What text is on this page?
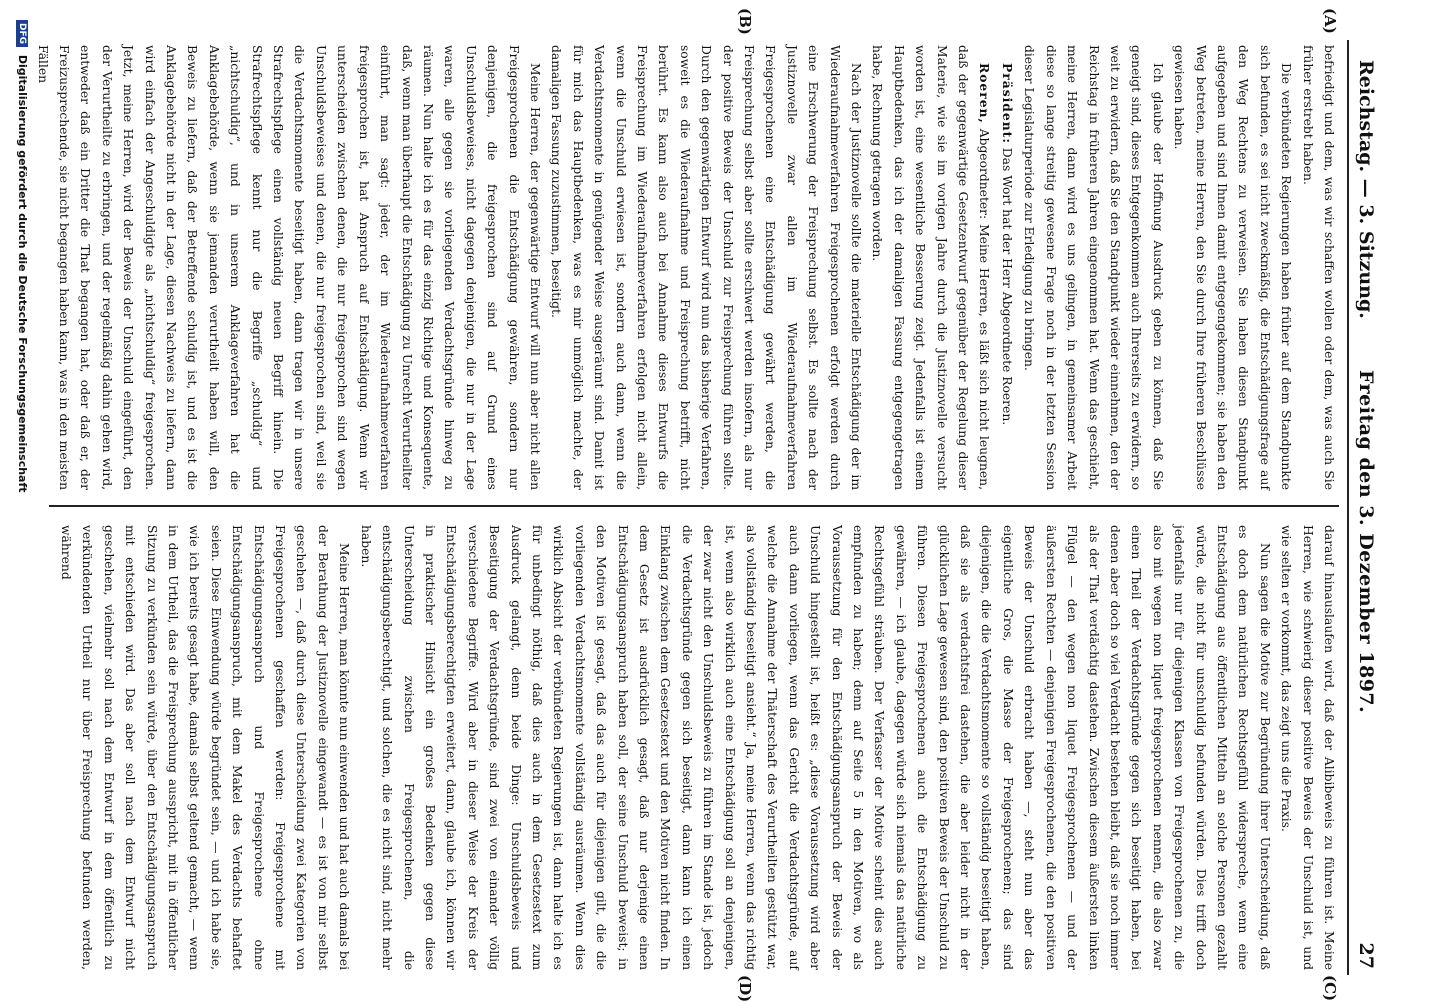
Reichstag. — 3. Sitzung.
Freitag den 3. Dezember 1897.
27
(A)
(B)
(C)
(D)

befriedigt und dem, was wir schaffen wollen oder dem, was auch Sie früher erstrebt haben.

Die verbündeten Regierungen haben früher auf dem Standpunkte sich befunden, es sei nicht zweckmäßig, die Entschädigungsfrage auf den Weg Rechtens zu verweisen. Sie haben diesen Standpunkt aufgegeben und sind Ihnen damit entgegengekommen; sie haben den Weg betreten, meine Herren, den Sie durch Ihre früheren Beschlüsse gewiesen haben.

Ich glaube der Hoffnung Ausdruck geben zu können, daß Sie geneigt sind, dieses Entgegenkommen auch Ihrerseits zu erwidern, so weit zu erwidern, daß Sie den Standpunkt wieder einnehmen, den der Reichstag in früheren Jahren eingenommen hat. Wenn das geschieht, meine Herren, dann wird es uns gelingen, in gemeinsamer Arbeit diese so lange streitig gewesene Frage noch in der letzten Session dieser Legislaturperiode zur Erledigung zu bringen.

Präsident: Das Wort hat der Herr Abgeordnete Roeren.

Roeren, Abgeordneter: Meine Herren, es läßt sich nicht leugnen, daß der gegenwärtige Gesetzentwurf gegenüber der Regelung dieser Materie, wie sie im vorigen Jahre durch die Justiznovelle versucht worden ist, eine wesentliche Besserung zeigt. Jedenfalls ist einem Hauptbedenken, das ich der damaligen Fassung entgegengetragen habe, Rechnung getragen worden.

Nach der Justiznovelle sollte die materielle Entschädigung der im Wiederaufnahmeverfahren Freigesprochenen erfolgt werden durch eine Erschwerung der Freisprechung selbst. Es sollte nach der Justiznovelle zwar allen im Wiederaufnahmeverfahren Freigesprochenen eine Entschädigung gewährt werden, die Freisprechung selbst aber sollte erschwert werden insofern, als nur der positive Beweis der Unschuld zur Freisprechung führen sollte. Durch den gegenwärtigen Entwurf wird nun das bisherige Verfahren, soweit es die Wiederaufnahme und Freisprechung betrifft, nicht berührt. Es kann also auch bei Annahme dieses Entwurfs die Freisprechung im Wiederaufnahmeverfahren erfolgen nicht allein, wenn die Unschuld erwiesen ist, sondern auch dann, wenn die Verdachtsmomente in genügender Weise ausgeräumt sind. Damit ist für mich das Hauptbedenken, was es mir unmöglich machte, der damaligen Fassung zuzustimmen, beseitigt.

Meine Herren, der gegenwärtige Entwurf will nun aber nicht allen Freigesprochenen die Entschädigung gewähren, sondern nur denjenigen, die freigesprochen sind auf Grund eines Unschuldsbeweises, nicht dagegen denjenigen, die nur in der Lage waren, alle gegen sie vorliegenden Verdachtsgründe hinweg zu räumen. Nun halte ich es für das einzig Richtige und Konsequente, daß, wenn man überhaupt die Entschädigung zu Unrecht Verurtheilter einführt, man sagt: jeder, der im Wiederaufnahmeverfahren freigesprochen ist, hat Anspruch auf Entschädigung. Wenn wir unterscheiden zwischen denen, die nur freigesprochen sind wegen Unschuldsbeweises und denen, die nur freigesprochen sind, weil sie die Verdachtsmomente beseitigt haben, dann tragen wir in unsere Strafrechtspflege einen vollständig neuen Begriff hinein. Die Strafrechtspflege kennt nur die Begriffe „schuldig“ und „nichtschuldig“, und in unserem Anklageverfahren hat die Anklagebehörde, wenn sie jemanden verurtheilt haben will, den Beweis zu liefern, daß der Betreffende schuldig ist, und es ist die Anklagebehörde nicht in der Lage, diesen Nachweis zu liefern, dann wird einfach der Angeschuldigte als „nichtschuldig“ freigesprochen. Jetzt, meine Herren, wird der Beweis der Unschuld eingeführt, den der Verurtheilte zu erbringen, und der regelmäßig dahin gehen wird, entweder daß ein Dritter die That begangen hat, oder daß er, der Freizusprechende, sie nicht begangen haben kann, was in den meisten Fällen

darauf hinauslaufen wird, daß der Alibibeweis zu führen ist. Meine Herren, wie schwierig dieser positive Beweis der Unschuld ist, und wie selten er vorkommt, das zeigt uns die Praxis.

Nun sagen die Motive zur Begründung ihrer Unterscheidung, daß es doch dem natürlichen Rechtsgefühl widerspreche, wenn eine Entschädigung aus öffentlichen Mitteln an solche Personen gezahlt würde, die nicht für unschuldig befunden würden. Dies trifft doch jedenfalls nur für diejenigen Klassen von Freigesprochenen zu, die also mit wegen non liquet freigesprochenen nennen, die also zwar einen Theil der Verdachtsgründe gegen sich beseitigt haben, bei denen aber doch so viel Verdacht bestehen bleibt, daß sie noch immer als der That verdächtig dastehen. Zwischen diesem äußersten linken Flügel — den wegen non liquet Freigesprochenen — und der äußersten Rechten — denjenigen Freigesprochenen, die den positiven Beweis der Unschuld erbracht haben —, steht nun aber das eigentliche Gros, die Masse der Freigesprochenen; das sind diejenigen, die die Verdachtsmomente so vollständig beseitigt haben, daß sie als verdachtsfrei dastehen, die aber leider nicht in der glücklichen Lage gewesen sind, den positiven Beweis der Unschuld zu führen. Diesen Freigesprochenen auch die Entschädigung zu gewähren, — ich glaube, dagegen würde sich niemals das natürliche Rechtsgefühl sträuben. Der Verfasser der Motive scheint dies auch empfunden zu haben; denn auf Seite 5 in den Motiven, wo als Voraussetzung für den Entschädigungsanspruch der Beweis der Unschuld hingestellt ist, heißt es: „diese Voraussetzung wird aber auch dann vorliegen, wenn das Gericht die Verdachtsgründe, auf welche die Annahme der Thäterschaft des Verurtheilten gestützt war, als vollständig beseitigt ansieht.“ Ja, meine Herren, wenn das richtig ist, wenn also wirklich auch eine Entschädigung soll an denjenigen, der zwar nicht den Unschuldsbeweis zu führen im Stande ist, jedoch die Verdachtsgründe gegen sich beseitigt, dann kann ich einen Einklang zwischen dem Gesetzestext und den Motiven nicht finden. In dem Gesetz ist ausdrücklich gesagt, daß nur derjenige einen Entschädigungsanspruch haben soll, der seine Unschuld beweist; in den Motiven ist gesagt, daß das auch für diejenigen gilt, die die vorliegenden Verdachtsmomente vollständig ausräumen. Wenn dies wirklich Absicht der verbündeten Regierungen ist, dann halte ich es für unbedingt nöthig, daß dies auch in dem Gesetzestext zum Ausdruck gelangt, denn beide Dinge: Unschuldsbeweis und Beseitigung der Verdachtsgründe, sind zwei von einander völlig verschiedene Begriffe. Wird aber in dieser Weise der Kreis der Entschädigungsberechtigten erweitert, dann, glaube ich, können wir in praktischer Hinsicht ein großes Bedenken gegen diese Unterscheidung zwischen Freigesprochenen, die entschädigungsberechtigt, und solchen, die es nicht sind, nicht mehr haben.

Meine Herren, man könnte nun einwenden und hat auch damals bei der Berathung der Justiznovelle eingewandt — es ist von mir selbst geschehen —, daß durch diese Unterscheidung zwei Kategorien von Freigesprochenen geschaffen werden: Freigesprochene mit Entschädigungsanspruch und Freigesprochene ohne Entschädigungsanspruch, mit dem Makel des Verdachts behaftet seien. Diese Einwendung würde begründet sein, — und ich habe sie, wie ich bereits gesagt habe, damals selbst geltend gemacht, — wenn in dem Urtheil, das die Freisprechung ausspricht, mit in öffentlicher Sitzung zu verkünden sein würde, über den Entschädigungsanspruch mit entschieden wird. Das aber soll nach dem Entwurf nicht geschehen, vielmehr soll nach dem Entwurf in dem öffentlich zu verkündenden Urtheil nur über Freisprechung befunden werden, während

DFG Digitalisierung gefördert durch die Deutsche Forschungsgemeinschaft
